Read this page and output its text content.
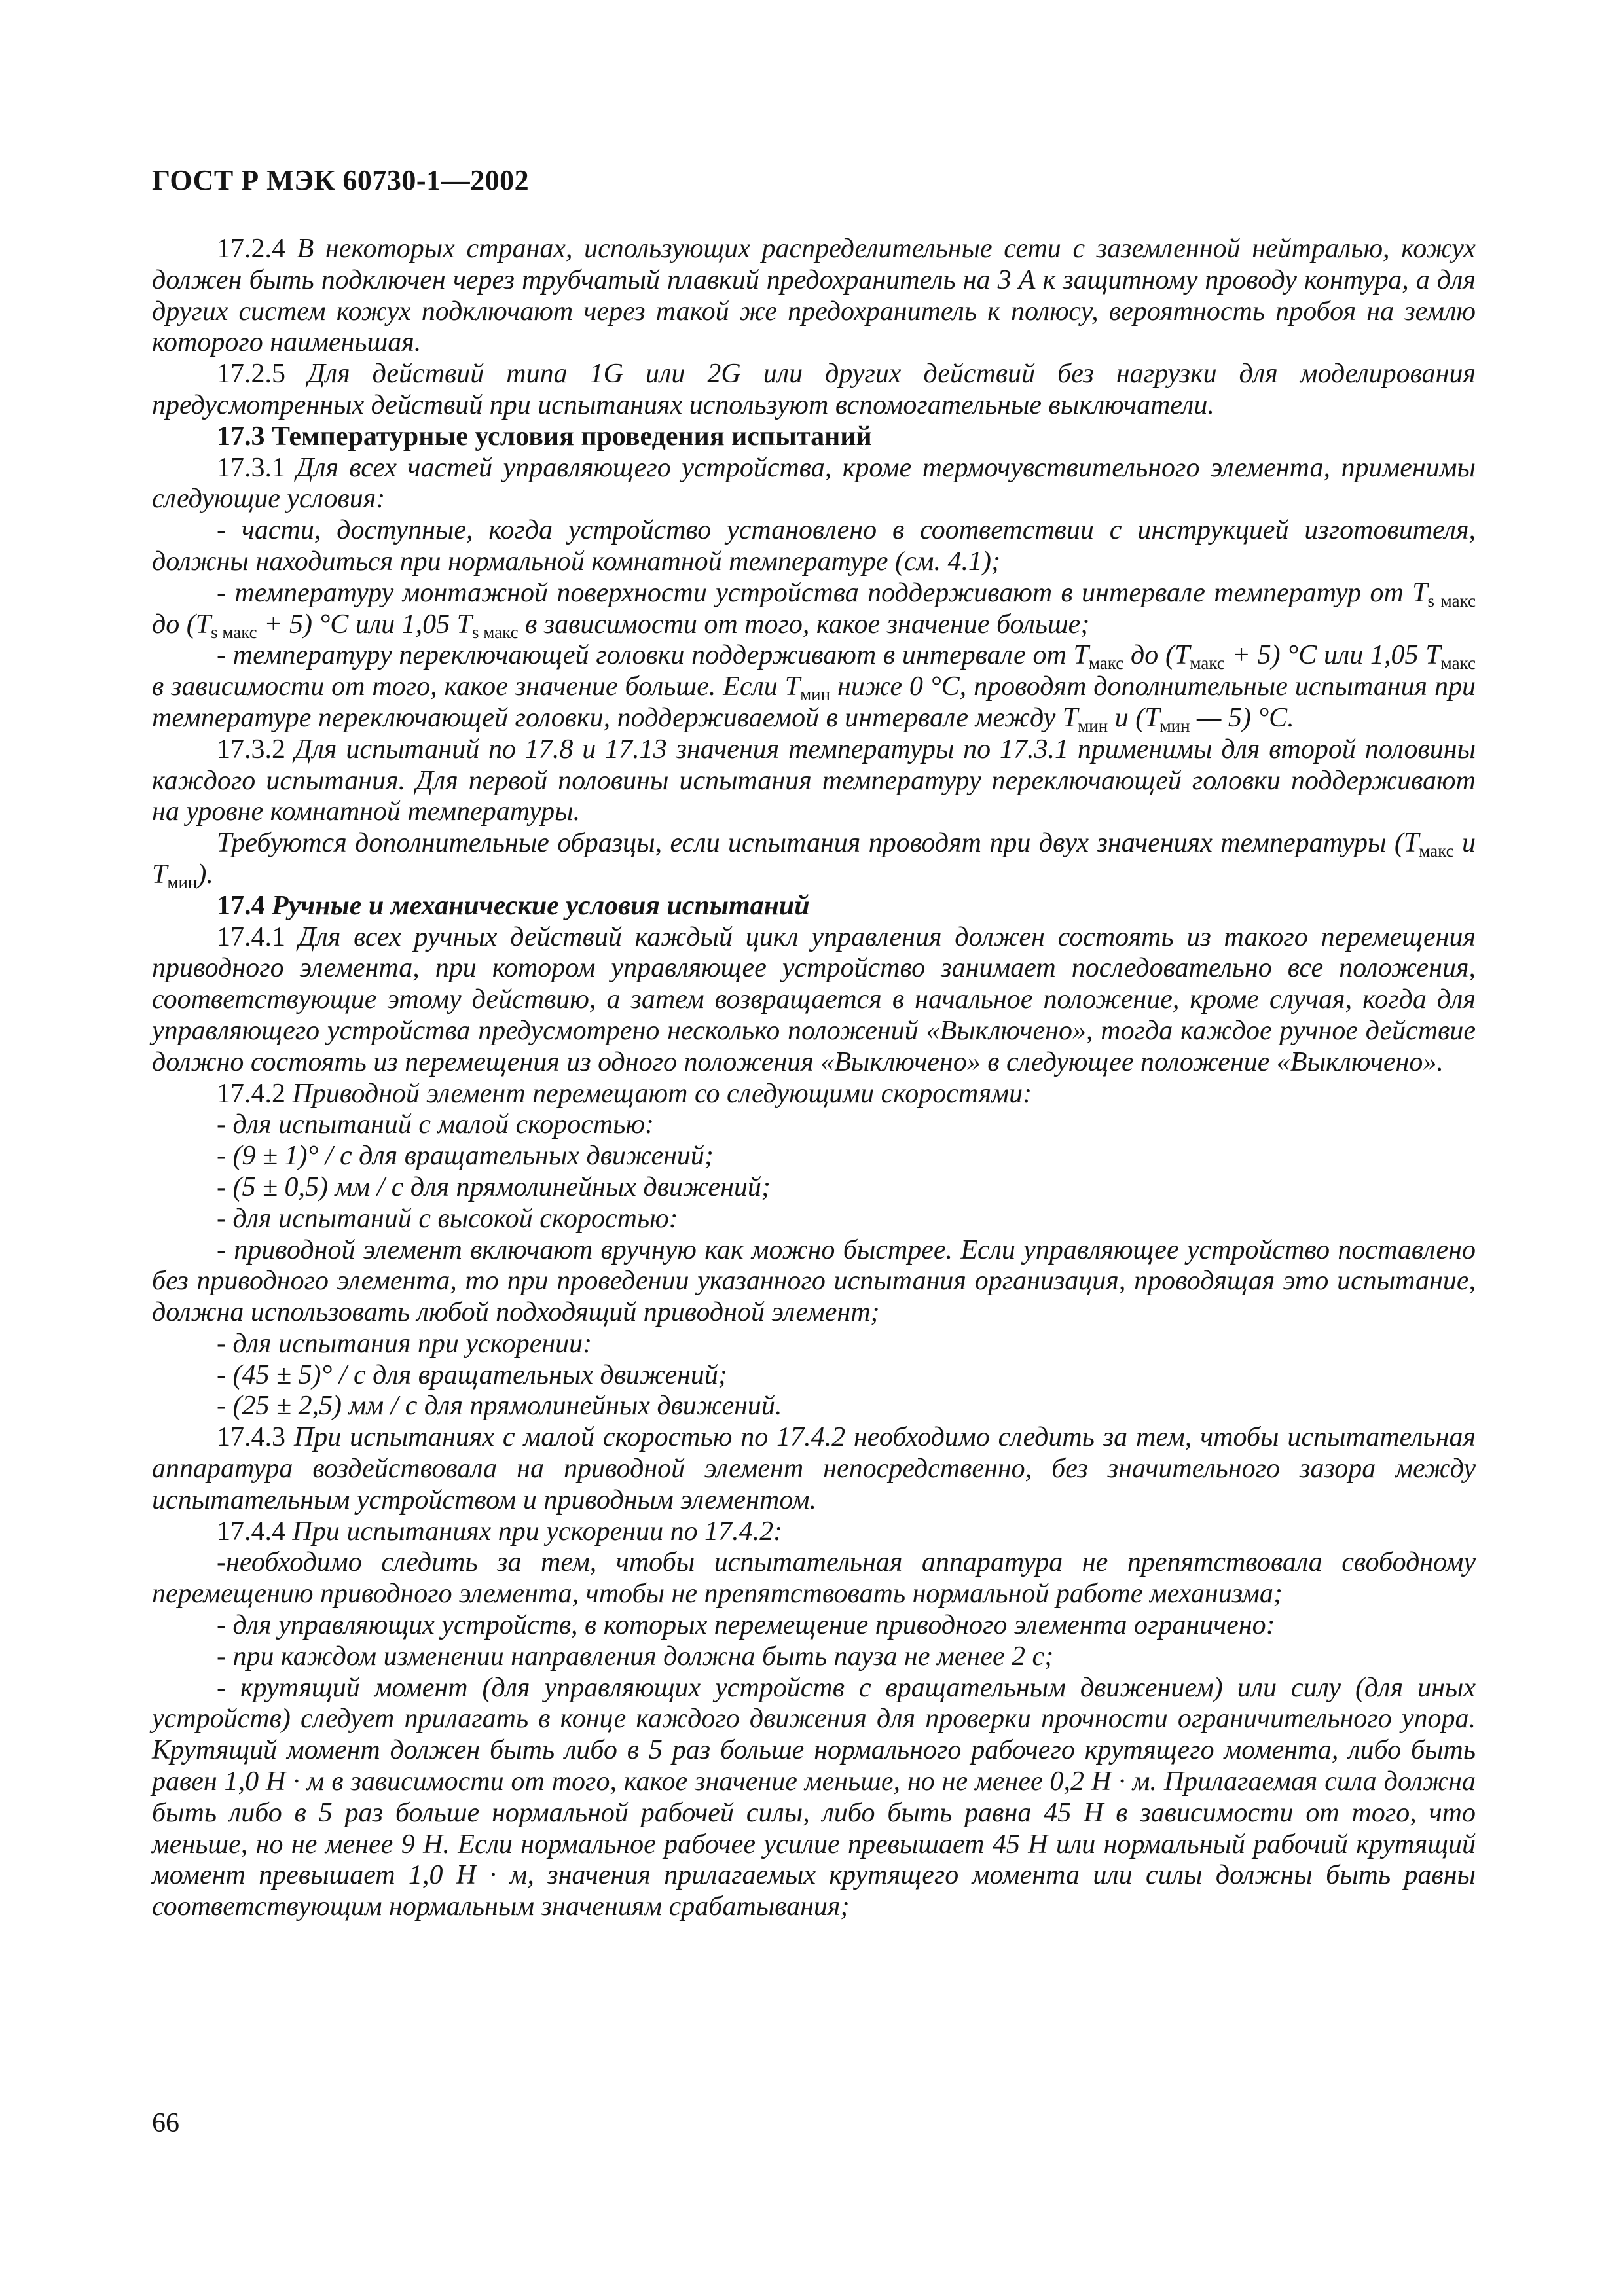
ГОСТ Р МЭК 60730-1—2002

17.2.4 В некоторых странах, использующих распределительные сети с заземленной нейтралью, кожух должен быть подключен через трубчатый плавкий предохранитель на 3 А к защитному проводу контура, а для других систем кожух подключают через такой же предохранитель к полюсу, вероятность пробоя на землю которого наименьшая.

17.2.5 Для действий типа 1G или 2G или других действий без нагрузки для моделирования предусмотренных действий при испытаниях используют вспомогательные выключатели.

17.3 Температурные условия проведения испытаний

17.3.1 Для всех частей управляющего устройства, кроме термочувствительного элемента, применимы следующие условия:

- части, доступные, когда устройство установлено в соответствии с инструкцией изготовителя, должны находиться при нормальной комнатной температуре (см. 4.1);

- температуру монтажной поверхности устройства поддерживают в интервале температур от $T_{s макс}$ до $(T_{s макс} + 5)$ °С или 1,05 $T_{s макс}$ в зависимости от того, какое значение больше;

- температуру переключающей головки поддерживают в интервале от $T_{макс}$ до $(T_{макс} + 5)$ °С или 1,05 $T_{макс}$ в зависимости от того, какое значение больше. Если $T_{мин}$ ниже 0 °С, проводят дополнительные испытания при температуре переключающей головки, поддерживаемой в интервале между $T_{мин}$ и ($T_{мин}$ — 5) °С.

17.3.2 Для испытаний по 17.8 и 17.13 значения температуры по 17.3.1 применимы для второй половины каждого испытания. Для первой половины испытания температуру переключающей головки поддерживают на уровне комнатной температуры.

Требуются дополнительные образцы, если испытания проводят при двух значениях температуры ($T_{макс}$ и $T_{мин}$).

17.4 Ручные и механические условия испытаний

17.4.1 Для всех ручных действий каждый цикл управления должен состоять из такого перемещения приводного элемента, при котором управляющее устройство занимает последовательно все положения, соответствующие этому действию, а затем возвращается в начальное положение, кроме случая, когда для управляющего устройства предусмотрено несколько положений «Выключено», тогда каждое ручное действие должно состоять из перемещения из одного положения «Выключено» в следующее положение «Выключено».

17.4.2 Приводной элемент перемещают со следующими скоростями:

- для испытаний с малой скоростью:

- (9 ± 1)° / с для вращательных движений;

- (5 ± 0,5) мм / с для прямолинейных движений;

- для испытаний с высокой скоростью:

- приводной элемент включают вручную как можно быстрее. Если управляющее устройство поставлено без приводного элемента, то при проведении указанного испытания организация, проводящая это испытание, должна использовать любой подходящий приводной элемент;

- для испытания при ускорении:

- (45 ± 5)° / с для вращательных движений;

- (25 ± 2,5) мм / с для прямолинейных движений.

17.4.3 При испытаниях с малой скоростью по 17.4.2 необходимо следить за тем, чтобы испытательная аппаратура воздействовала на приводной элемент непосредственно, без значительного зазора между испытательным устройством и приводным элементом.

17.4.4 При испытаниях при ускорении по 17.4.2:

-необходимо следить за тем, чтобы испытательная аппаратура не препятствовала свободному перемещению приводного элемента, чтобы не препятствовать нормальной работе механизма;

- для управляющих устройств, в которых перемещение приводного элемента ограничено:

- при каждом изменении направления должна быть пауза не менее 2 с;

- крутящий момент (для управляющих устройств с вращательным движением) или силу (для иных устройств) следует прилагать в конце каждого движения для проверки прочности ограничительного упора. Крутящий момент должен быть либо в 5 раз больше нормального рабочего крутящего момента, либо быть равен 1,0 Н · м в зависимости от того, какое значение меньше, но не менее 0,2 Н · м. Прилагаемая сила должна быть либо в 5 раз больше нормальной рабочей силы, либо быть равна 45 Н в зависимости от того, что меньше, но не менее 9 Н. Если нормальное рабочее усилие превышает 45 Н или нормальный рабочий крутящий момент превышает 1,0 Н · м, значения прилагаемых крутящего момента или силы должны быть равны соответствующим нормальным значениям срабатывания;

66
